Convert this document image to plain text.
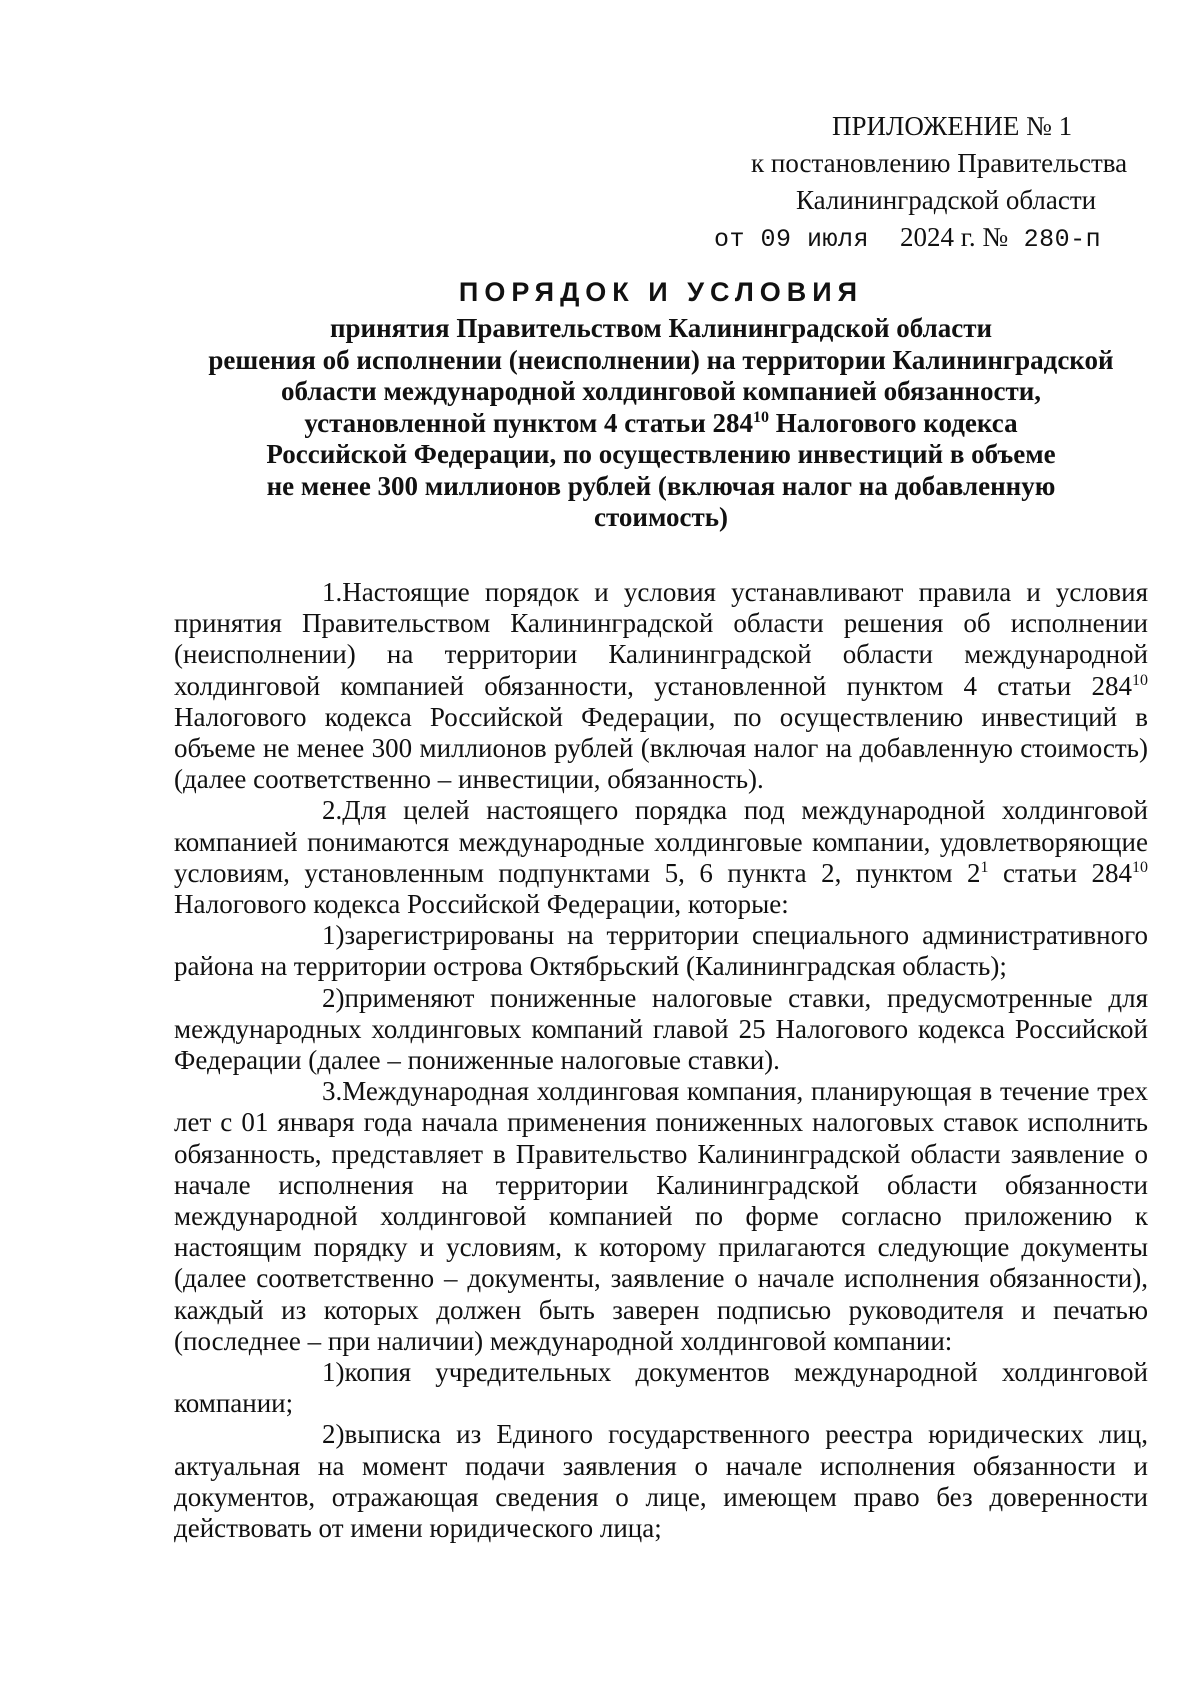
ПРИЛОЖЕНИЕ № 1
к постановлению Правительства
Калининградской области
от 09 июля 2024 г. № 280-п
ПОРЯДОК И УСЛОВИЯ
принятия Правительством Калининградской области
решения об исполнении (неисполнении) на территории Калининградской
области международной холдинговой компанией обязанности,
установленной пунктом 4 статьи $284^{10}$ Налогового кодекса
Российской Федерации, по осуществлению инвестиций в объеме
не менее 300 миллионов рублей (включая налог на добавленную
стоимость)

1.Настоящие порядок и условия устанавливают правила и условия принятия Правительством Калининградской области решения об исполнении (неисполнении) на территории Калининградской области международной холдинговой компанией обязанности, установленной пунктом 4 статьи $284^{10}$ Налогового кодекса Российской Федерации, по осуществлению инвестиций в объеме не менее 300 миллионов рублей (включая налог на добавленную стоимость) (далее соответственно – инвестиции, обязанность).

2.Для целей настоящего порядка под международной холдинговой компанией понимаются международные холдинговые компании, удовлетворяющие условиям, установленным подпунктами 5, 6 пункта 2, пунктом $2^1$ статьи $284^{10}$ Налогового кодекса Российской Федерации, которые:

1)зарегистрированы на территории специального административного района на территории острова Октябрьский (Калининградская область);

2)применяют пониженные налоговые ставки, предусмотренные для международных холдинговых компаний главой 25 Налогового кодекса Российской Федерации (далее – пониженные налоговые ставки).

3.Международная холдинговая компания, планирующая в течение трех лет с 01 января года начала применения пониженных налоговых ставок исполнить обязанность, представляет в Правительство Калининградской области заявление о начале исполнения на территории Калининградской области обязанности международной холдинговой компанией по форме согласно приложению к настоящим порядку и условиям, к которому прилагаются следующие документы (далее соответственно – документы, заявление о начале исполнения обязанности), каждый из которых должен быть заверен подписью руководителя и печатью (последнее – при наличии) международной холдинговой компании:

1)копия учредительных документов международной холдинговой компании;

2)выписка из Единого государственного реестра юридических лиц, актуальная на момент подачи заявления о начале исполнения обязанности и документов, отражающая сведения о лице, имеющем право без доверенности действовать от имени юридического лица;
